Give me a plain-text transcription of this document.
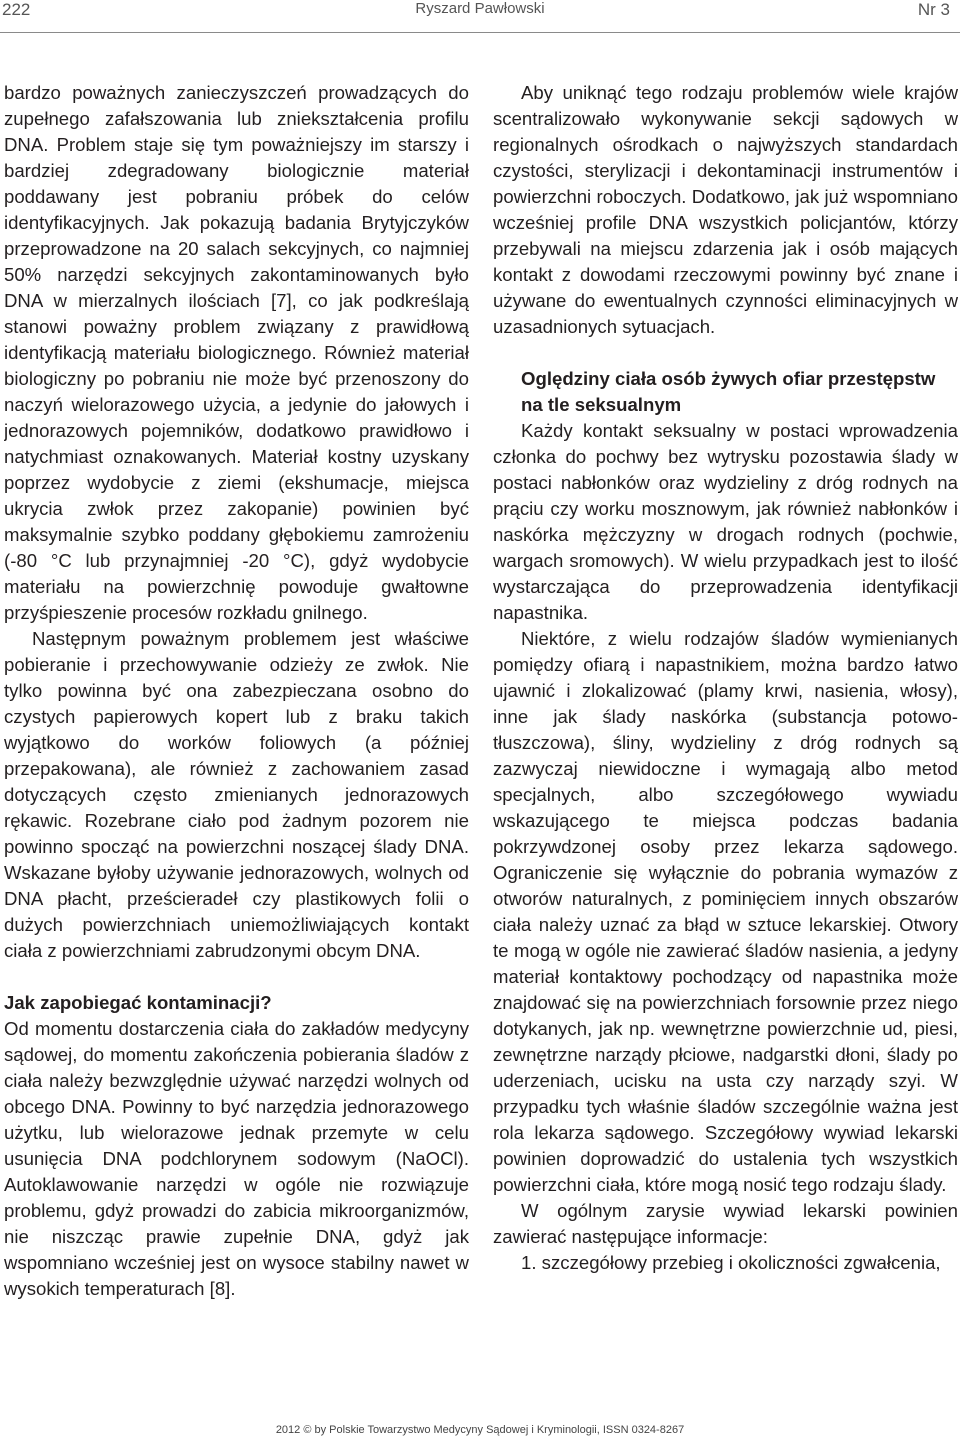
222	Ryszard Pawłowski	Nr 3

bardzo poważnych zanieczyszczeń prowadzących do zupełnego zafałszowania lub zniekształcenia profilu DNA. Problem staje się tym poważniejszy im starszy i bardziej zdegradowany biologicznie materiał poddawany jest pobraniu próbek do celów identyfikacyjnych. Jak pokazują badania Brytyjczyków przeprowadzone na 20 salach sekcyjnych, co najmniej 50% narzędzi sekcyjnych zakontaminowanych było DNA w mierzalnych ilościach [7], co jak podkreślają stanowi poważny problem związany z prawidłową identyfikacją materiału biologicznego. Również materiał biologiczny po pobraniu nie może być przenoszony do naczyń wielorazowego użycia, a jedynie do jałowych i jednorazowych pojemników, dodatkowo prawidłowo i natychmiast oznakowanych. Materiał kostny uzyskany poprzez wydobycie z ziemi (ekshumacje, miejsca ukrycia zwłok przez zakopanie) powinien być maksymalnie szybko poddany głębokiemu zamrożeniu (-80 °C lub przynajmniej -20 °C), gdyż wydobycie materiału na powierzchnię powoduje gwałtowne przyśpieszenie procesów rozkładu gnilnego.

Następnym poważnym problemem jest właściwe pobieranie i przechowywanie odzieży ze zwłok. Nie tylko powinna być ona zabezpieczana osobno do czystych papierowych kopert lub z braku takich wyjątkowo do worków foliowych (a później przepakowana), ale również z zachowaniem zasad dotyczących często zmienianych jednorazowych rękawic. Rozebrane ciało pod żadnym pozorem nie powinno spocząć na powierzchni noszącej ślady DNA. Wskazane byłoby używanie jednorazowych, wolnych od DNA płacht, prześcieradeł czy plastikowych folii o dużych powierzchniach uniemożliwiających kontakt ciała z powierzchniami zabrudzonymi obcym DNA.

Jak zapobiegać kontaminacji?

Od momentu dostarczenia ciała do zakładów medycyny sądowej, do momentu zakończenia pobierania śladów z ciała należy bezwzględnie używać narzędzi wolnych od obcego DNA. Powinny to być narzędzia jednorazowego użytku, lub wielorazowe jednak przemyte w celu usunięcia DNA podchlorynem sodowym (NaOCl). Autoklawowanie narzędzi w ogóle nie rozwiązuje problemu, gdyż prowadzi do zabicia mikroorganizmów, nie niszcząc prawie zupełnie DNA, gdyż jak wspomniano wcześniej jest on wysoce stabilny nawet w wysokich temperaturach [8].

Aby uniknąć tego rodzaju problemów wiele krajów scentralizowało wykonywanie sekcji sądowych w regionalnych ośrodkach o najwyższych standardach czystości, sterylizacji i dekontaminacji instrumentów i powierzchni roboczych. Dodatkowo, jak już wspomniano wcześniej profile DNA wszystkich policjantów, którzy przebywali na miejscu zdarzenia jak i osób mających kontakt z dowodami rzeczowymi powinny być znane i używane do ewentualnych czynności eliminacyjnych w uzasadnionych sytuacjach.

Oględziny ciała osób żywych ofiar przestępstw na tle seksualnym

Każdy kontakt seksualny w postaci wprowadzenia członka do pochwy bez wytrysku pozostawia ślady w postaci nabłonków oraz wydzieliny z dróg rodnych na prąciu czy worku mosznowym, jak również nabłonków i naskórka mężczyzny w drogach rodnych (pochwie, wargach sromowych). W wielu przypadkach jest to ilość wystarczająca do przeprowadzenia identyfikacji napastnika.

Niektóre, z wielu rodzajów śladów wymienianych pomiędzy ofiarą i napastnikiem, można bardzo łatwo ujawnić i zlokalizować (plamy krwi, nasienia, włosy), inne jak ślady naskórka (substancja potowo-tłuszczowa), śliny, wydzieliny z dróg rodnych są zazwyczaj niewidoczne i wymagają albo metod specjalnych, albo szczegółowego wywiadu wskazującego te miejsca podczas badania pokrzywdzonej osoby przez lekarza sądowego. Ograniczenie się wyłącznie do pobrania wymazów z otworów naturalnych, z pominięciem innych obszarów ciała należy uznać za błąd w sztuce lekarskiej. Otwory te mogą w ogóle nie zawierać śladów nasienia, a jedyny materiał kontaktowy pochodzący od napastnika może znajdować się na powierzchniach forsownie przez niego dotykanych, jak np. wewnętrzne powierzchnie ud, piesi, zewnętrzne narządy płciowe, nadgarstki dłoni, ślady po uderzeniach, ucisku na usta czy narządy szyi. W przypadku tych właśnie śladów szczególnie ważna jest rola lekarza sądowego. Szczegółowy wywiad lekarski powinien doprowadzić do ustalenia tych wszystkich powierzchni ciała, które mogą nosić tego rodzaju ślady.

W ogólnym zarysie wywiad lekarski powinien zawierać następujące informacje:

1. szczegółowy przebieg i okoliczności zgwałcenia,

2012 © by Polskie Towarzystwo Medycyny Sądowej i Kryminologii, ISSN 0324-8267
